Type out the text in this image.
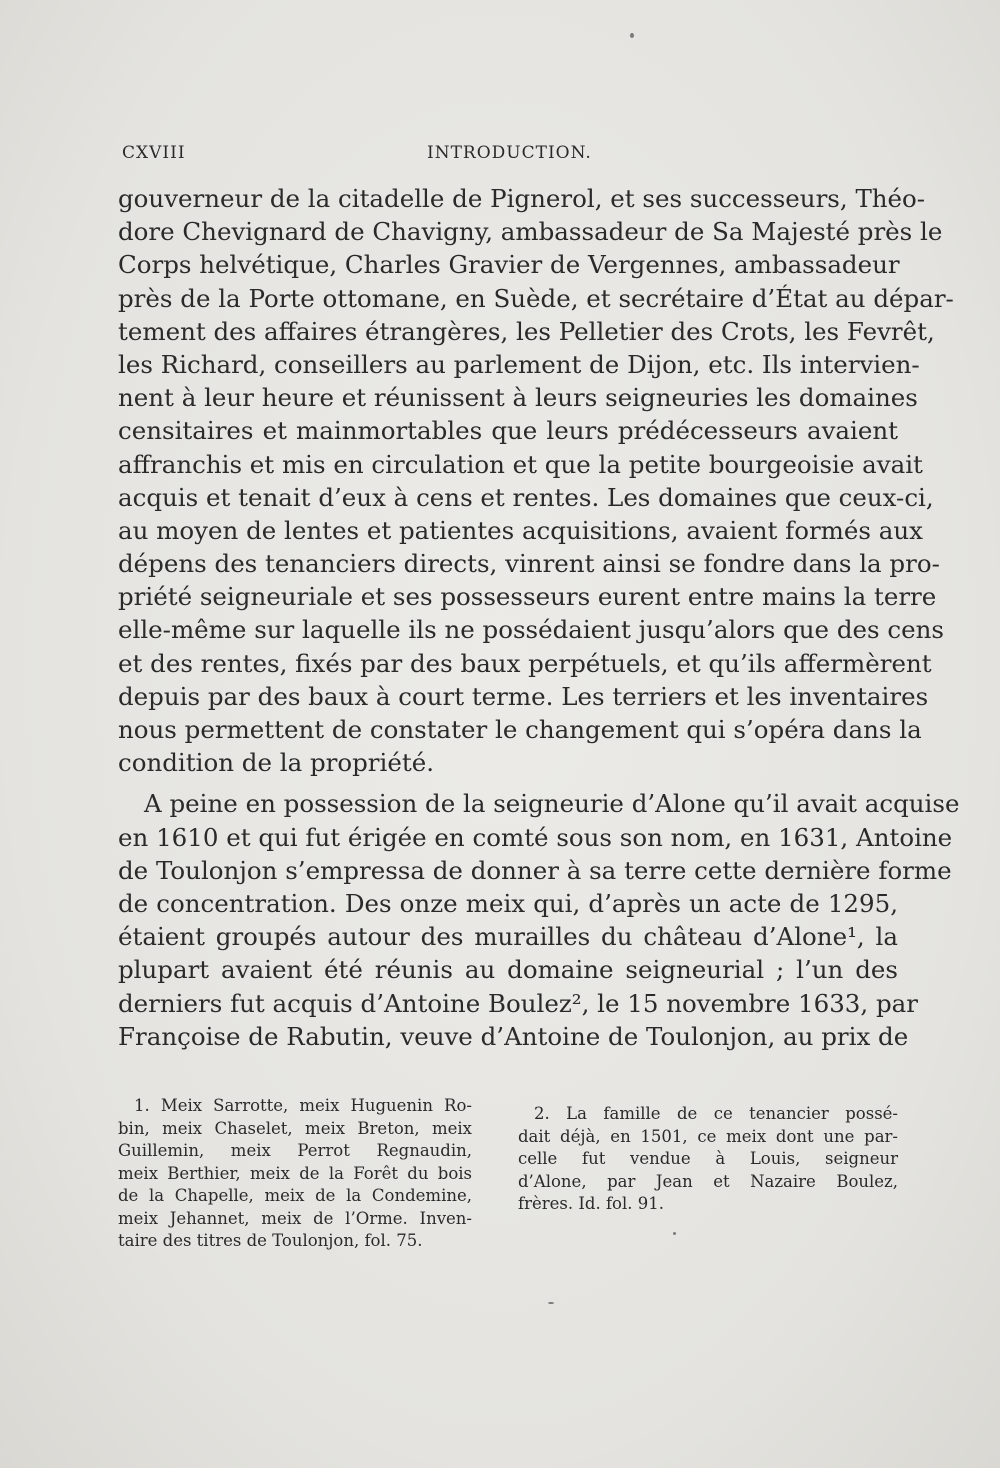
CXVIII	INTRODUCTION.
gouverneur de la citadelle de Pignerol, et ses successeurs, Théo-
dore Chevignard de Chavigny, ambassadeur de Sa Majesté près le
Corps helvétique, Charles Gravier de Vergennes, ambassadeur
près de la Porte ottomane, en Suède, et secrétaire d’État au dépar-
tement des affaires étrangères, les Pelletier des Crots, les Fevrêt,
les Richard, conseillers au parlement de Dijon, etc. Ils intervien-
nent à leur heure et réunissent à leurs seigneuries les domaines
censitaires et mainmortables que leurs prédécesseurs avaient
affranchis et mis en circulation et que la petite bourgeoisie avait
acquis et tenait d’eux à cens et rentes. Les domaines que ceux-ci,
au moyen de lentes et patientes acquisitions, avaient formés aux
dépens des tenanciers directs, vinrent ainsi se fondre dans la pro-
priété seigneuriale et ses possesseurs eurent entre mains la terre
elle-même sur laquelle ils ne possédaient jusqu’alors que des cens
et des rentes, fixés par des baux perpétuels, et qu’ils affermèrent
depuis par des baux à court terme. Les terriers et les inventaires
nous permettent de constater le changement qui s’opéra dans la
condition de la propriété.
A peine en possession de la seigneurie d’Alone qu’il avait acquise
en 1610 et qui fut érigée en comté sous son nom, en 1631, Antoine
de Toulonjon s’empressa de donner à sa terre cette dernière forme
de concentration. Des onze meix qui, d’après un acte de 1295,
étaient groupés autour des murailles du château d’Alone¹, la
plupart avaient été réunis au domaine seigneurial ; l’un des
derniers fut acquis d’Antoine Boulez², le 15 novembre 1633, par
Françoise de Rabutin, veuve d’Antoine de Toulonjon, au prix de
1. Meix Sarrotte, meix Huguenin Ro-
bin, meix Chaselet, meix Breton, meix
Guillemin, meix Perrot Regnaudin,
meix Berthier, meix de la Forêt du bois
de la Chapelle, meix de la Condemine,
meix Jehannet, meix de l’Orme. Inven-
taire des titres de Toulonjon, fol. 75.
2. La famille de ce tenancier possé-
dait déjà, en 1501, ce meix dont une par-
celle fut vendue à Louis, seigneur
d’Alone, par Jean et Nazaire Boulez,
frères. Id. fol. 91.
